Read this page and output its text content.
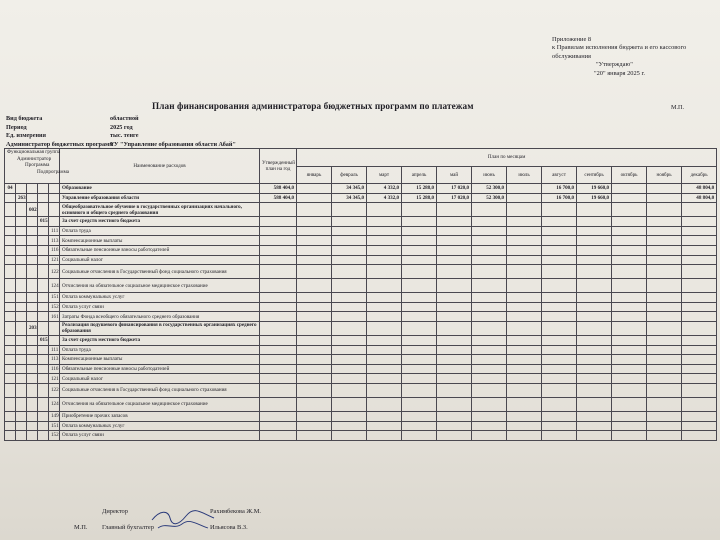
Приложение 8
к Правилам исполнения бюджета и его кассового
обслуживания
"Утверждаю"
"20" января 2025 г.
М.П.
План финансирования администратора бюджетных программ по платежам
Вид бюджета	областной
Период	2025 год
Ед. измерения	тыс. тенге
Администратор бюджетных программ
ГУ "Управление образования области Абай"
Функциональная группа
Администратор
Программа
Подпрограмма					Наименование расходов	Утвержденный план на год	План по месяцам											
							январь	февраль	март	апрель	май	июнь	июль	август	сентябрь	октябрь	ноябрь	декабрь
04					Образование	588 404,0		34 345,0	4 332,0	15 288,0	17 020,0	52 300,0		16 700,0	19 660,0			48 804,0
	263				Управление образования области	588 404,0		34 345,0	4 332,0	15 288,0	17 020,0	52 300,0		16 700,0	19 660,0			48 804,0
		002			Общеобразовательное обучение в государственных организациях начального, основного и общего среднего образования													
			015		За счет средств местного бюджета													
				111	Оплата труда													
				113	Компенсационные выплаты													
				116	Обязательные пенсионные взносы работодателей													
				121	Социальный налог													
				122	Социальные отчисления в Государственный фонд социального страхования													
				124	Отчисления на обязательное социальное медицинское страхование													
				151	Оплата коммунальных услуг													
				152	Оплата услуг связи													
				161	Затраты Фонда всеобщего обязательного среднего образования													
		203			Реализация подушевого финансирования в государственных организациях среднего образования													
			015		За счет средств местного бюджета													
				111	Оплата труда													
				113	Компенсационные выплаты													
				116	Обязательные пенсионные взносы работодателей													
				121	Социальный налог													
				122	Социальные отчисления в Государственный фонд социального страхования													
				124	Отчисления на обязательное социальное медицинское страхование													
				149	Приобретение прочих запасов													
				151	Оплата коммунальных услуг													
				152	Оплата услуг связи													
Директор	Рахимбекова Ж.М.
М.П. Главный бухгалтер	Ильясова В.З.
